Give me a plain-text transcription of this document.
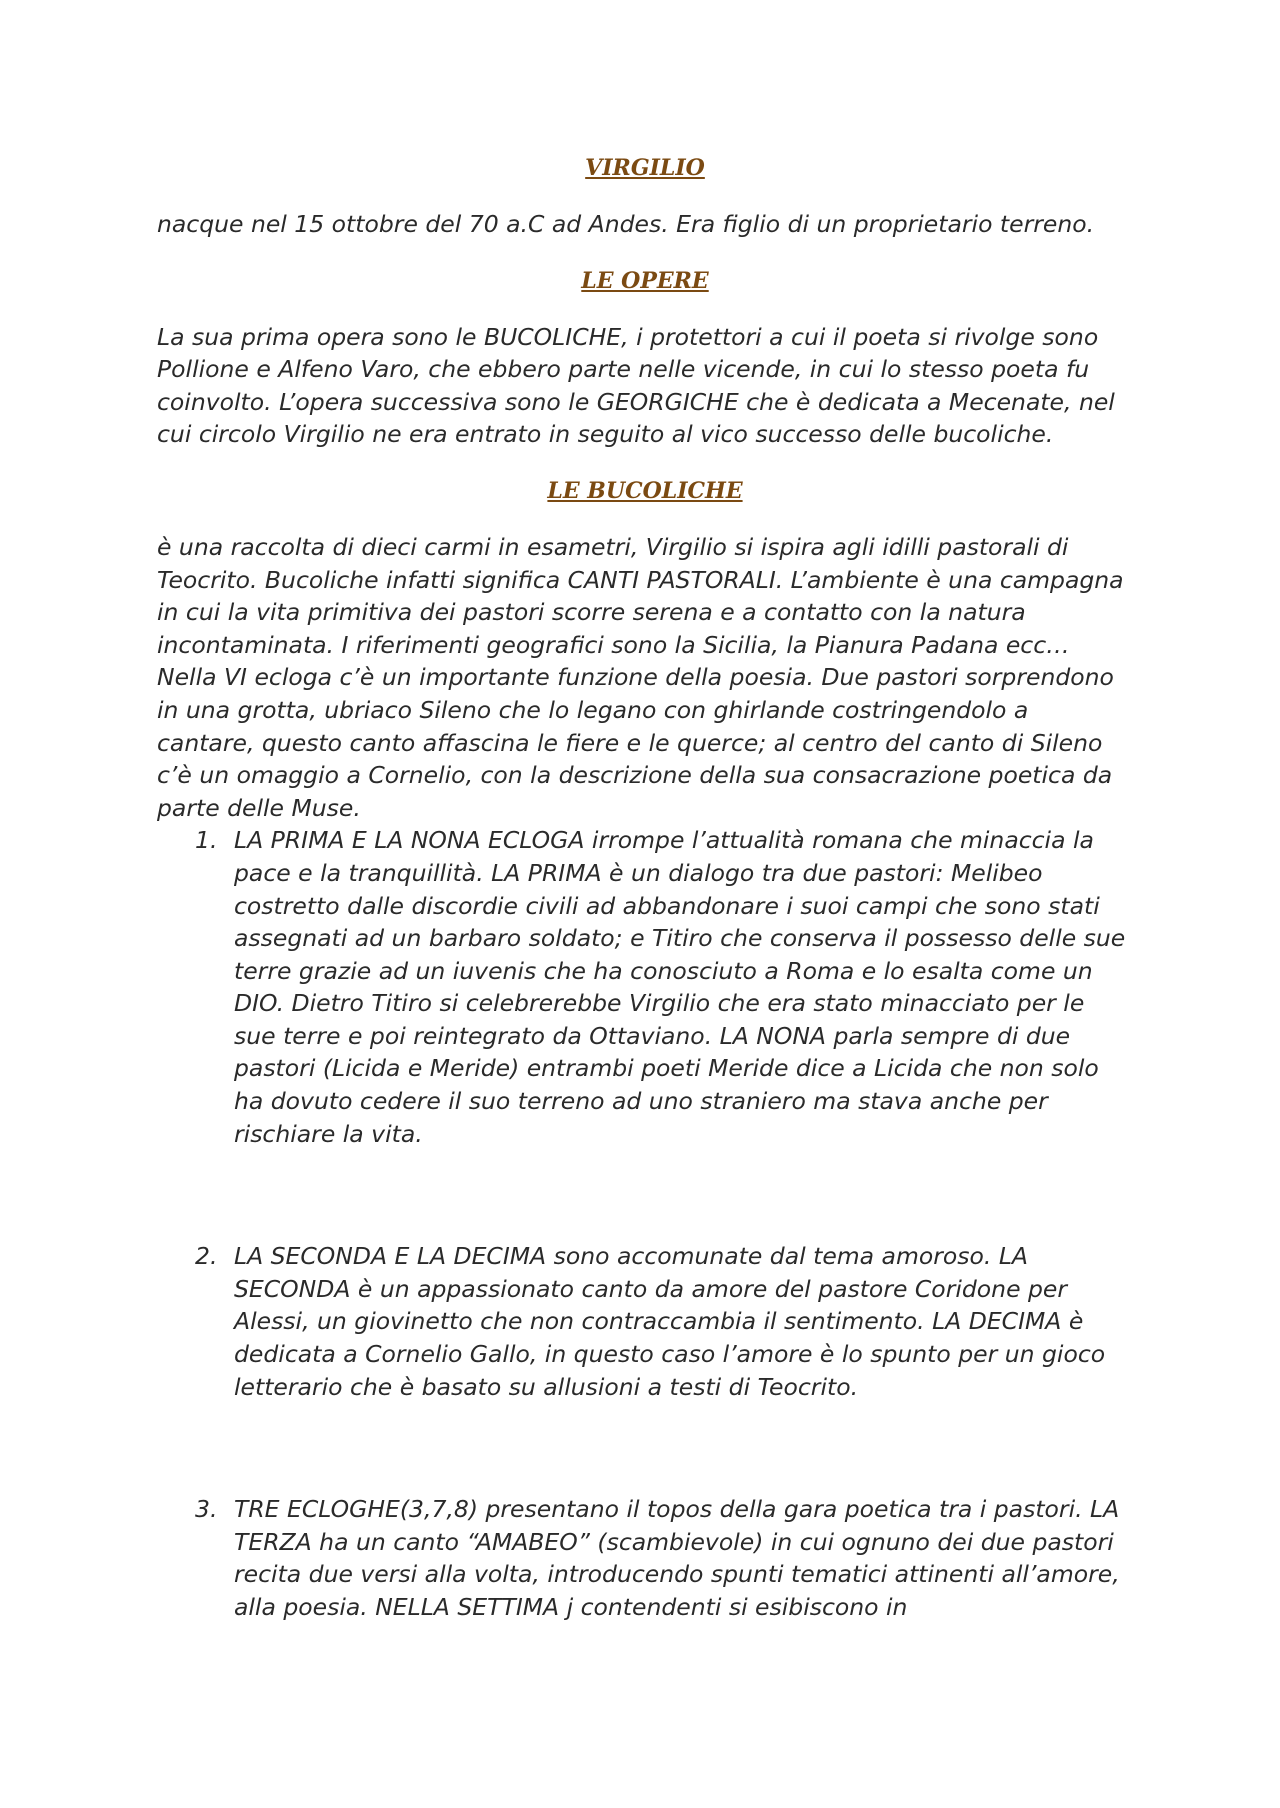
VIRGILIO

nacque nel 15 ottobre del 70 a.C ad Andes. Era figlio di un proprietario terreno.

LE OPERE

La sua prima opera sono le BUCOLICHE, i protettori a cui il poeta si rivolge sono Pollione e Alfeno Varo, che ebbero parte nelle vicende, in cui lo stesso poeta fu coinvolto. L’opera successiva sono le GEORGICHE che è dedicata a Mecenate, nel cui circolo Virgilio ne era entrato in seguito al vico successo delle bucoliche.

LE BUCOLICHE

è una raccolta di dieci carmi in esametri, Virgilio si ispira agli idilli pastorali di Teocrito. Bucoliche infatti significa CANTI PASTORALI. L’ambiente è una campagna in cui la vita primitiva dei pastori scorre serena e a contatto con la natura incontaminata. I riferimenti geografici sono la Sicilia, la Pianura Padana ecc… Nella VI ecloga c’è un importante funzione della poesia. Due pastori sorprendono in una grotta, ubriaco Sileno che lo legano con ghirlande costringendolo a cantare, questo canto affascina le fiere e le querce; al centro del canto di Sileno c’è un omaggio a Cornelio, con la descrizione della sua consacrazione poetica da parte delle Muse.

1. LA PRIMA E LA NONA ECLOGA irrompe l’attualità romana che minaccia la pace e la tranquillità. LA PRIMA è un dialogo tra due pastori: Melibeo costretto dalle discordie civili ad abbandonare i suoi campi che sono stati assegnati ad un barbaro soldato; e Titiro che conserva il possesso delle sue terre grazie ad un iuvenis che ha conosciuto a Roma e lo esalta come un DIO. Dietro Titiro si celebrerebbe Virgilio che era stato minacciato per le sue terre e poi reintegrato da Ottaviano. LA NONA parla sempre di due pastori (Licida e Meride) entrambi poeti Meride dice a Licida che non solo ha dovuto cedere il suo terreno ad uno straniero ma stava anche per rischiare la vita.
2. LA SECONDA E LA DECIMA sono accomunate dal tema amoroso. LA SECONDA è un appassionato canto da amore del pastore Coridone per Alessi, un giovinetto che non contraccambia il sentimento. LA DECIMA è dedicata a Cornelio Gallo, in questo caso l’amore è lo spunto per un gioco letterario che è basato su allusioni a testi di Teocrito.
3. TRE ECLOGHE(3,7,8) presentano il topos della gara poetica tra i pastori. LA TERZA ha un canto “AMABEO” (scambievole) in cui ognuno dei due pastori recita due versi alla volta, introducendo spunti tematici attinenti all’amore, alla poesia. NELLA SETTIMA j contendenti si esibiscono in
